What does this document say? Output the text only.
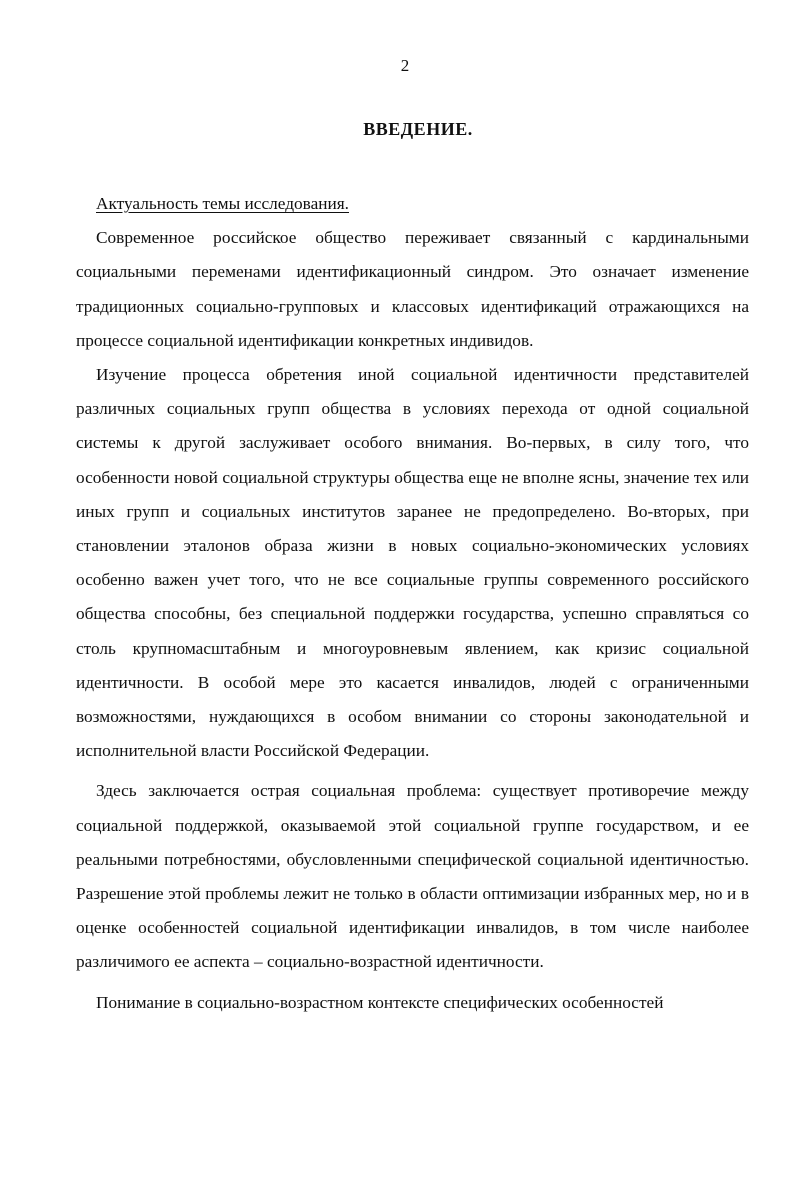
2
ВВЕДЕНИЕ.

Актуальность темы исследования.

Современное российское общество переживает связанный с кардинальными социальными переменами идентификационный синдром. Это означает изменение традиционных социально-групповых и классовых идентификаций отражающихся на процессе социальной идентификации конкретных индивидов.

Изучение процесса обретения иной социальной идентичности представителей различных социальных групп общества в условиях перехода от одной социальной системы к другой заслуживает особого внимания. Во-первых, в силу того, что особенности новой социальной структуры общества еще не вполне ясны, значение тех или иных групп и социальных институтов заранее не предопределено. Во-вторых, при становлении эталонов образа жизни в новых социально-экономических условиях особенно важен учет того, что не все социальные группы современного российского общества способны, без специальной поддержки государства, успешно справляться со столь крупномасштабным и многоуровневым явлением, как кризис социальной идентичности. В особой мере это касается инвалидов, людей с ограниченными возможностями, нуждающихся в особом внимании со стороны законодательной и исполнительной власти Российской Федерации.

Здесь заключается острая социальная проблема: существует противоречие между социальной поддержкой, оказываемой этой социальной группе государством, и ее реальными потребностями, обусловленными специфической социальной идентичностью. Разрешение этой проблемы лежит не только в области оптимизации избранных мер, но и в оценке особенностей социальной идентификации инвалидов, в том числе наиболее различимого ее аспекта – социально-возрастной идентичности.

Понимание в социально-возрастном контексте специфических особенностей
